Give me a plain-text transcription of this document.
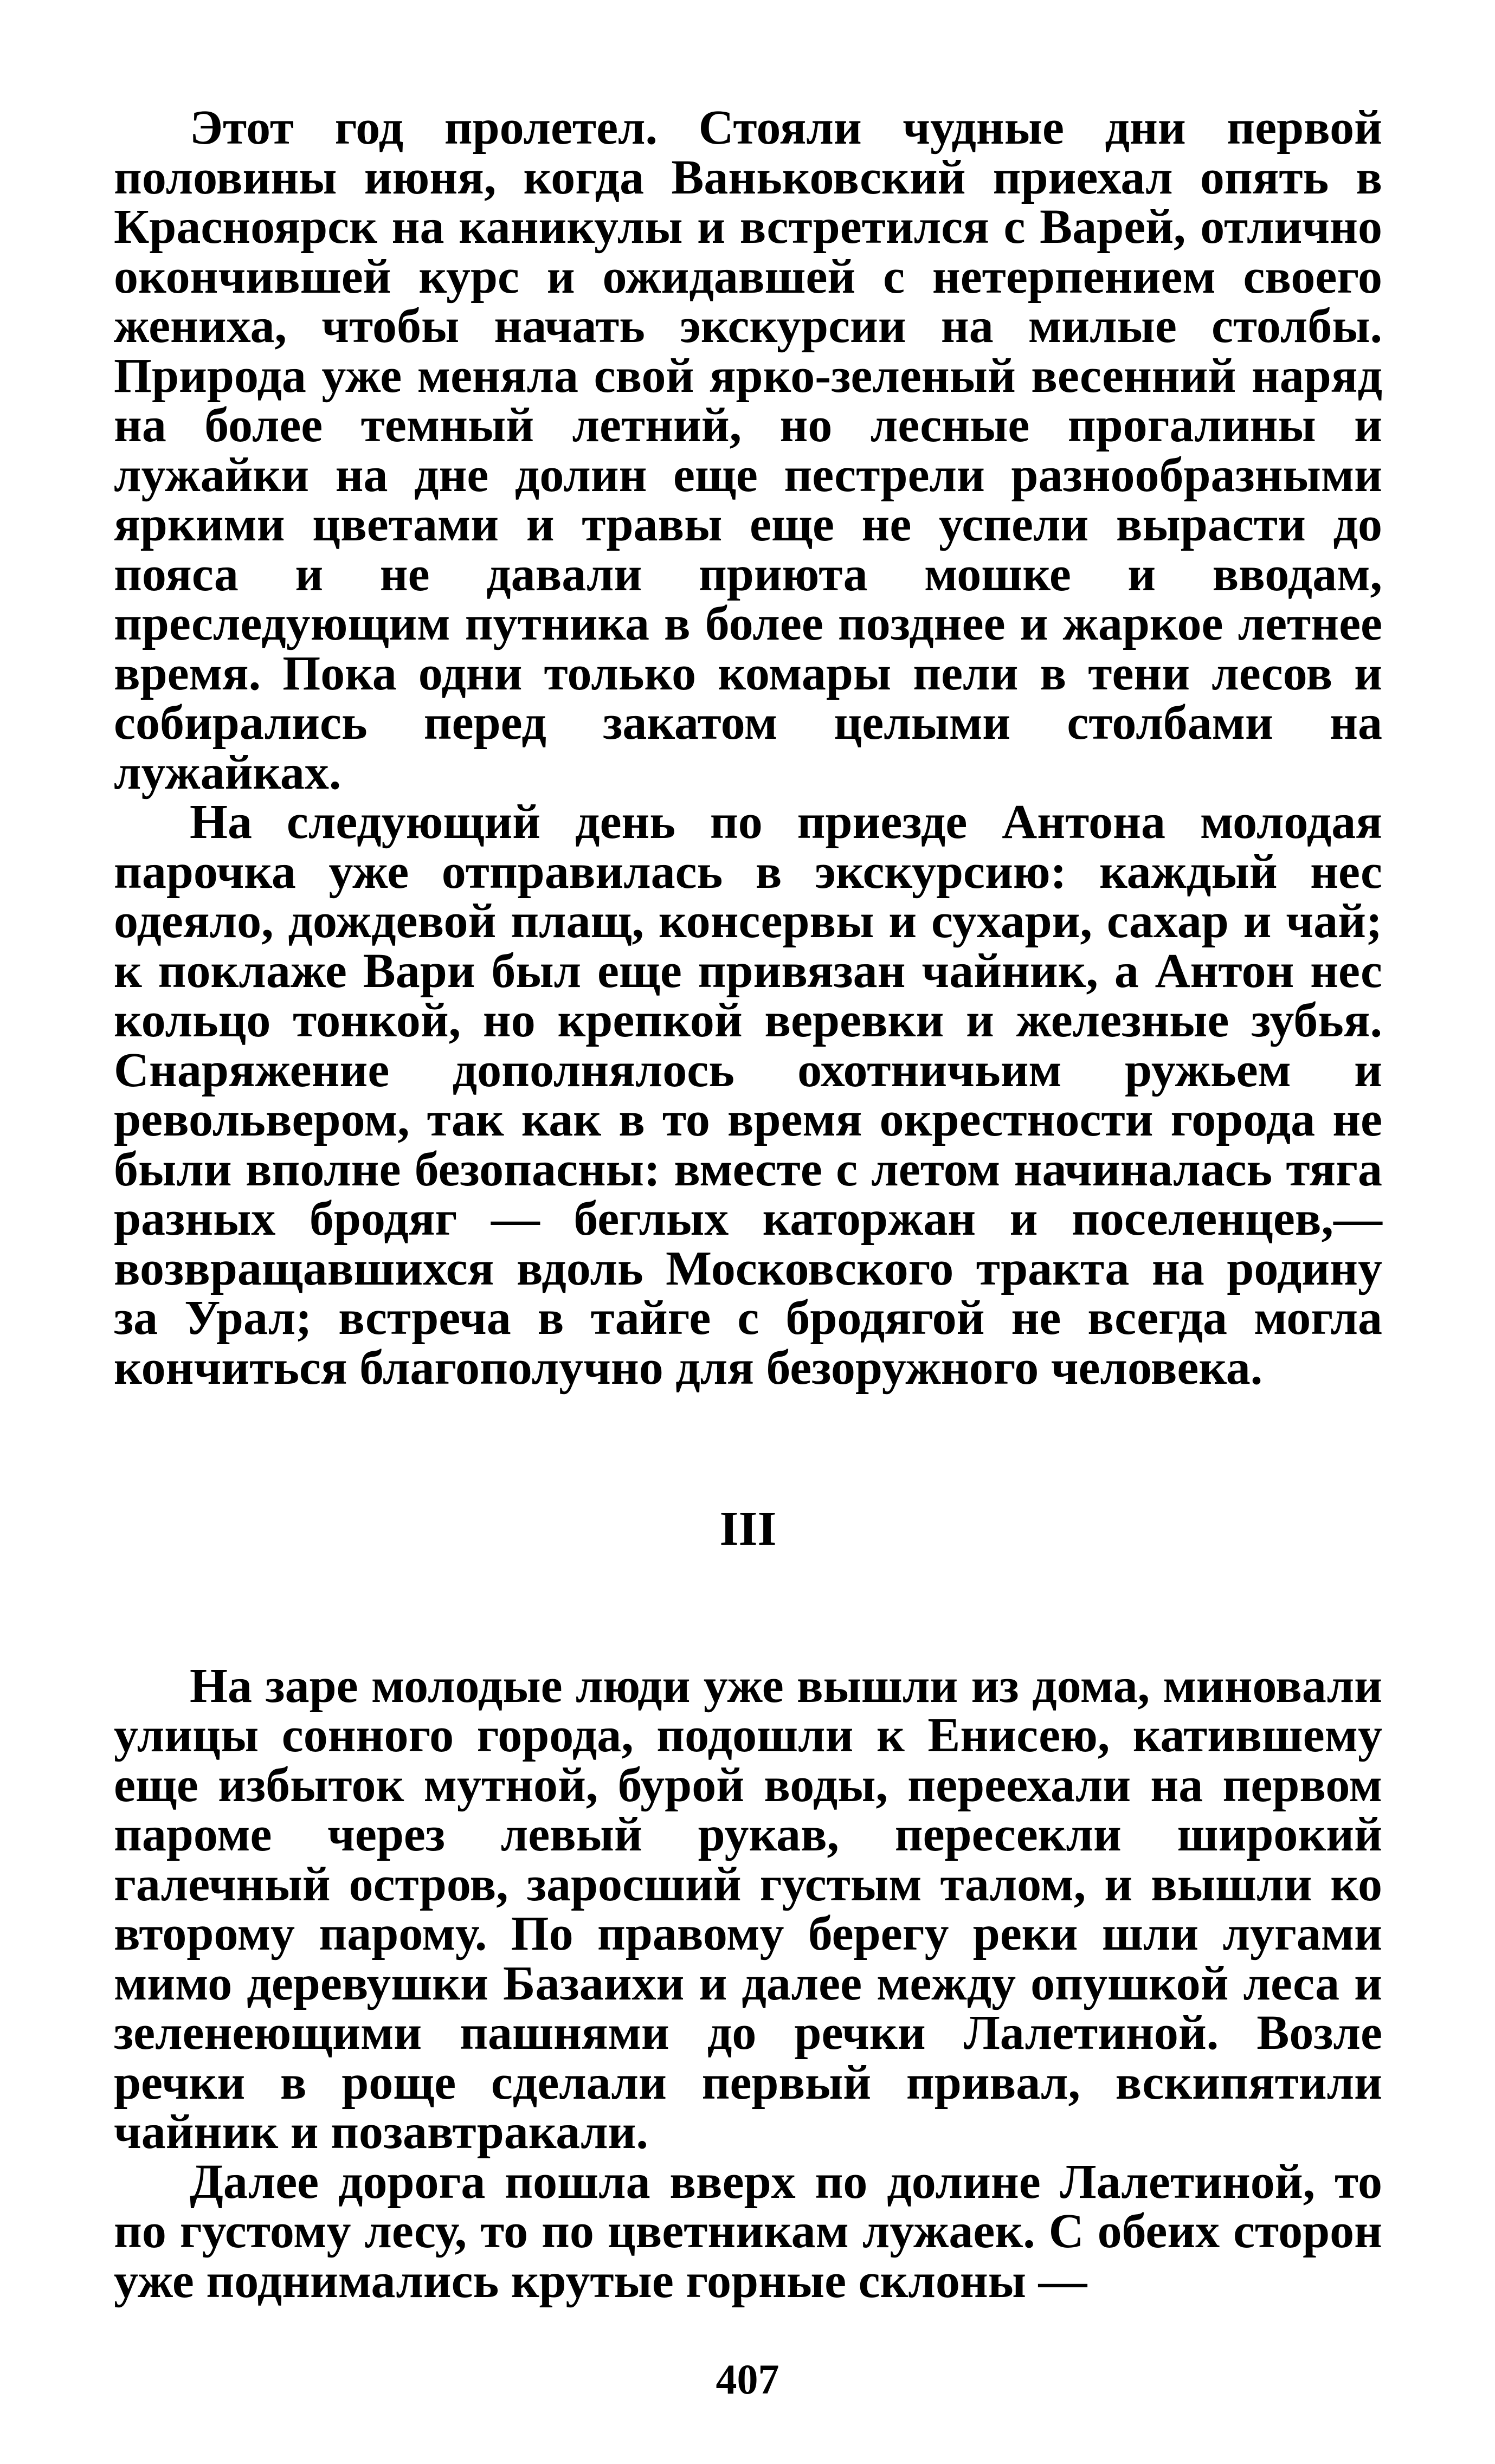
Этот год пролетел. Стояли чудные дни первой половины июня, когда Ваньковский приехал опять в Красноярск на каникулы и встретился с Варей, отлично окончившей курс и ожидавшей с нетерпением своего жениха, чтобы начать экскурсии на милые столбы. Природа уже меняла свой ярко-зеленый весенний наряд на более темный летний, но лесные прогалины и лужайки на дне долин еще пестрели разнообразными яркими цветами и травы еще не успели вырасти до пояса и не давали приюта мошке и вводам, преследующим путника в более позднее и жаркое летнее время. Пока одни только комары пели в тени лесов и собирались перед закатом целыми столбами на лужайках.

На следующий день по приезде Антона молодая парочка уже отправилась в экскурсию: каждый нес одеяло, дождевой плащ, консервы и сухари, сахар и чай; к поклаже Вари был еще привязан чайник, а Антон нес кольцо тонкой, но крепкой веревки и железные зубья. Снаряжение дополнялось охотничьим ружьем и револьвером, так как в то время окрестности города не были вполне безопасны: вместе с летом начиналась тяга разных бродяг — беглых каторжан и поселенцев,— возвращавшихся вдоль Московского тракта на родину за Урал; встреча в тайге с бродягой не всегда могла кончиться благополучно для безоружного человека.

III

На заре молодые люди уже вышли из дома, миновали улицы сонного города, подошли к Енисею, катившему еще избыток мутной, бурой воды, переехали на первом пароме через левый рукав, пересекли широкий галечный остров, заросший густым талом, и вышли ко второму парому. По правому берегу реки шли лугами мимо деревушки Базаихи и далее между опушкой леса и зеленеющими пашнями до речки Лалетиной. Возле речки в роще сделали первый привал, вскипятили чайник и позавтракали.

Далее дорога пошла вверх по долине Лалетиной, то по густому лесу, то по цветникам лужаек. С обеих сторон уже поднимались крутые горные склоны —

407
